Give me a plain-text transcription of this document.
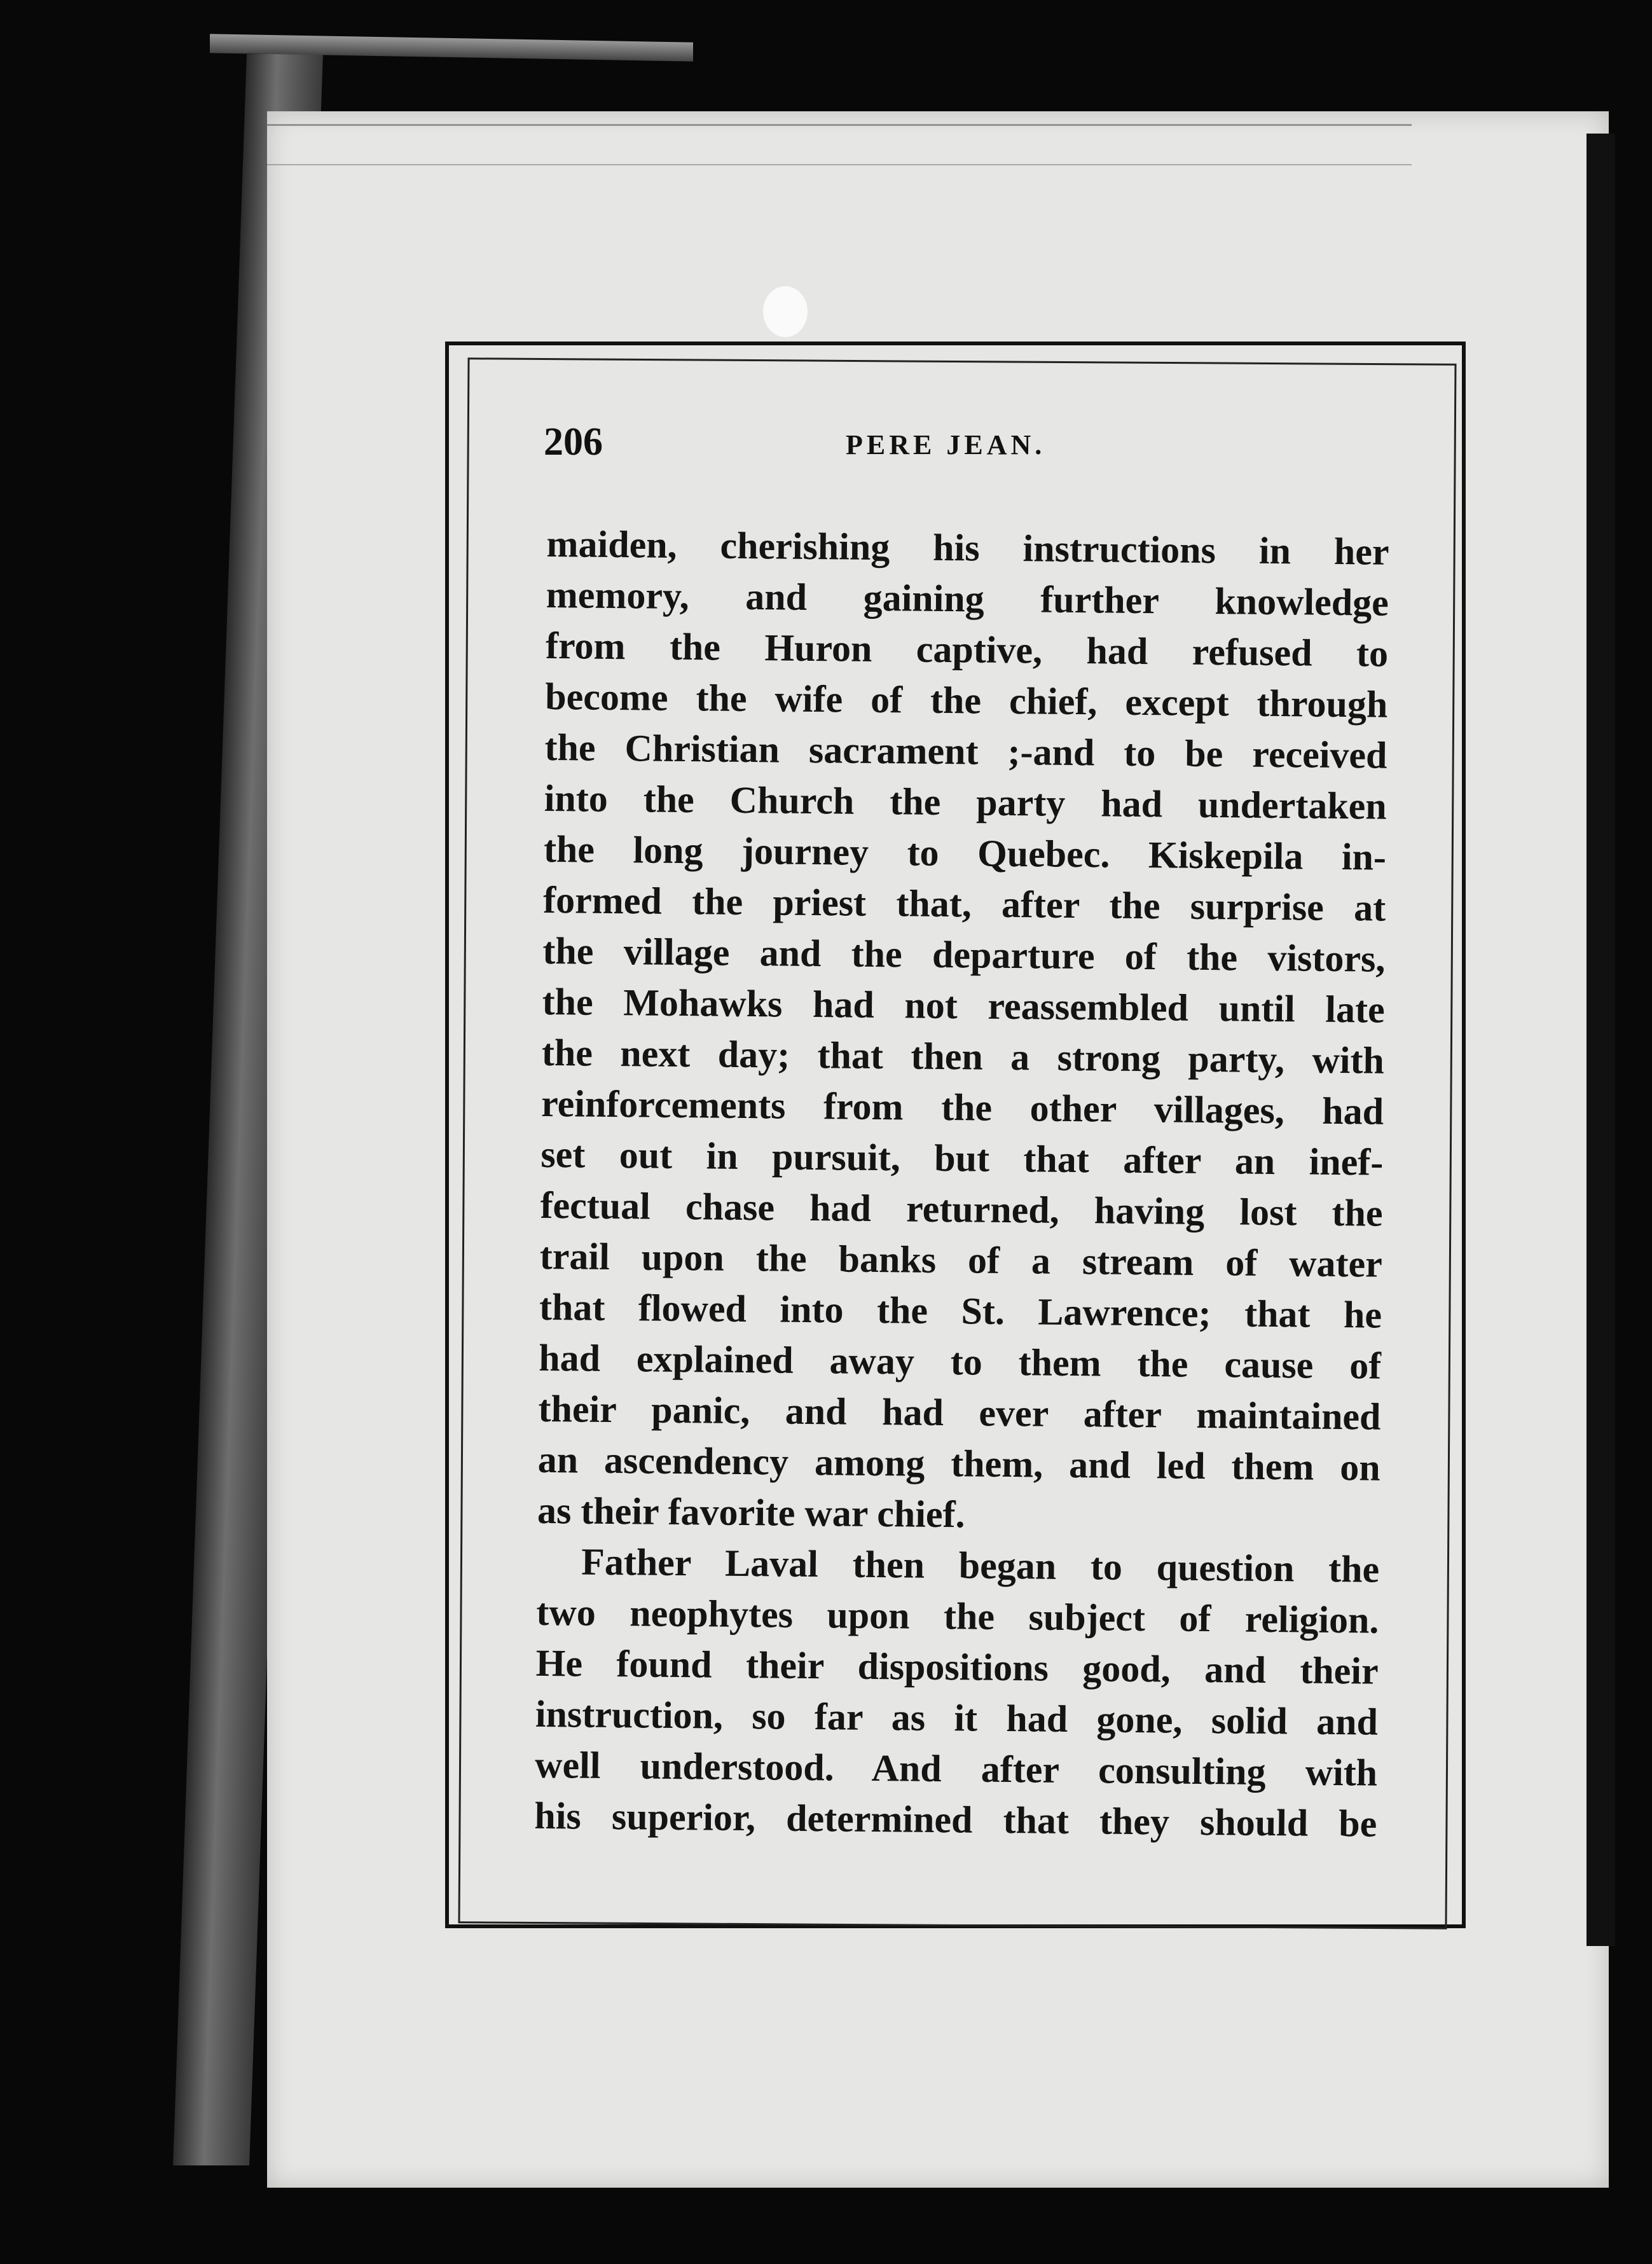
206	PERE JEAN.
maiden, cherishing his instructions in her
memory, and gaining further knowledge
from the Huron captive, had refused to
become the wife of the chief, except through
the Christian sacrament ;-and to be received
into the Church the party had undertaken
the long journey to Quebec. Kiskepila in-
formed the priest that, after the surprise at
the village and the departure of the vistors,
the Mohawks had not reassembled until late
the next day; that then a strong party, with
reinforcements from the other villages, had
set out in pursuit, but that after an inef-
fectual chase had returned, having lost the
trail upon the banks of a stream of water
that flowed into the St. Lawrence; that he
had explained away to them the cause of
their panic, and had ever after maintained
an ascendency among them, and led them on
as their favorite war chief.
Father Laval then began to question the
two neophytes upon the subject of religion.
He found their dispositions good, and their
instruction, so far as it had gone, solid and
well understood. And after consulting with
his superior, determined that they should be
